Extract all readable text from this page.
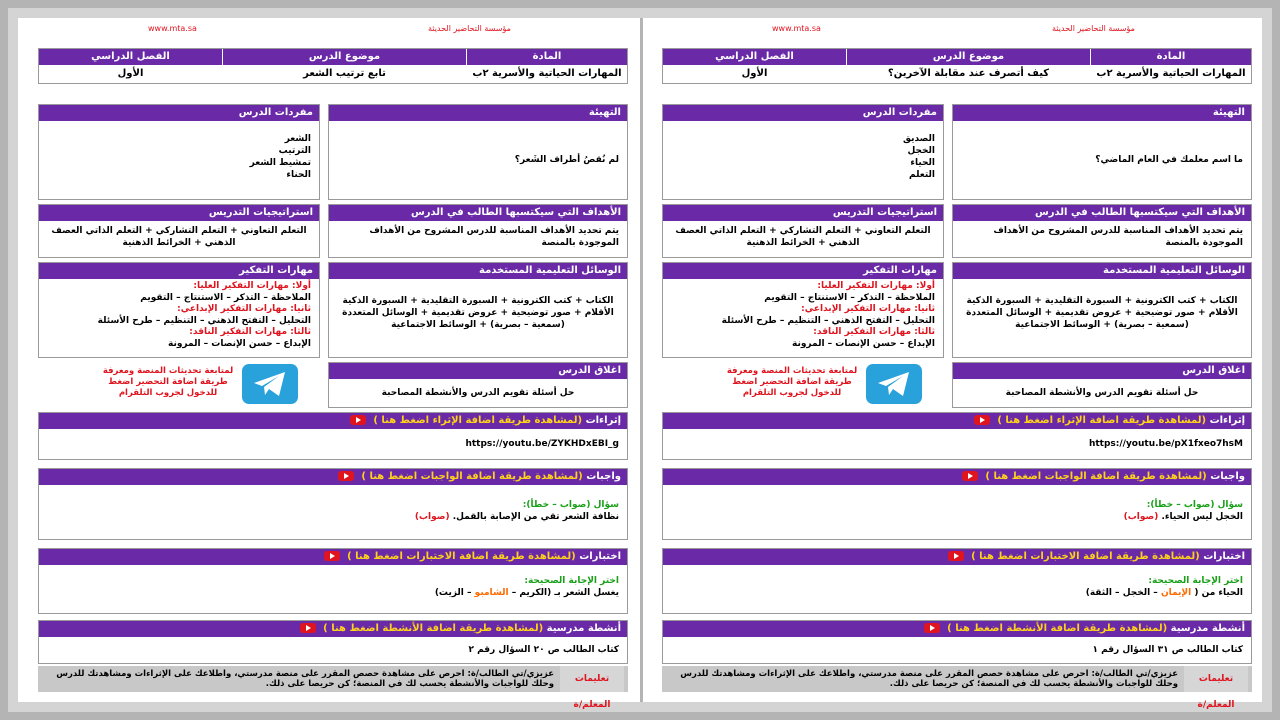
www.mta.sa	مؤسسة التحاضير الحديثة
المادة
موضوع الدرس
الفصل الدراسي
المهارات الحياتية والأسرية ٢ب
تابع ترتيب الشعر
الأول
التهيئة
لم نُقصُ أطراف الشَعر؟
مفردات الدرس
الشعر
الترتيب
تمشيط الشعر
الحناء
الأهداف التي سيكتسبها الطالب في الدرس
يتم تحديد الأهداف المناسبة للدرس المشروح من الأهداف الموجودة بالمنصة
استراتيجيات التدريس
التعلم التعاوني + التعلم التشاركي + التعلم الذاتي العصف الذهني + الخرائط الذهنية
الوسائل التعليمية المستخدمة
الكتاب + كتب الكترونية + السبورة التقليدية + السبورة الذكية الأقلام + صور توضيحية + عروض تقديمية + الوسائل المتعددة (سمعية – بصرية) + الوسائط الاجتماعية
مهارات التفكير
أولا: مهارات التفكير العليا:
الملاحظة – التذكر – الاستنتاج – التقويم
ثانيا: مهارات التفكير الإبداعي:
التحليل – التفتح الذهني – التنظيم – طرح الأسئلة
ثالثا: مهارات التفكير الناقد:
الإبداع – حسن الإنصات – المرونة
اغلاق الدرس
حل أسئلة تقويم الدرس والأنشطة المصاحبة
لمتابعة تحديثات المنصة ومعرفة طريقة اضافة التحضير اضغط للدخول لجروب التلقرام
إثراءات (لمشاهدة طريقة اضافة الإثراء اضغط هنا )
https://youtu.be/ZYKHDxEBI_g
واجبات (لمشاهدة طريقة اضافة الواجبات اضغط هنا )
سؤال (صواب – خطأ):
نظافة الشعر تقي من الإصابة بالقمل. (صواب)
اختبارات (لمشاهدة طريقة اضافة الاختبارات اضغط هنا )
اختر الإجابة الصحيحة:
يغسل الشعر بـ (الكريم – الشامبو – الزيت)
أنشطة مدرسية (لمشاهدة طريقة اضافة الأنشطة اضغط هنا )
كتاب الطالب ص ٢٠ السؤال رقم ٢
تعليمات المعلم/ة
عزيزي/تي الطالب/ة: احرص على مشاهدة حصص المقرر على منصة مدرستي، واطلاعك على الإثراءات ومشاهدتك للدرس وحلك للواجبات والأنشطة يحسب لك في المنصة؛ كن حريصا على ذلك.
www.mta.sa	مؤسسة التحاضير الحديثة
المادة
موضوع الدرس
الفصل الدراسي
المهارات الحياتية والأسرية ٢ب
كيف أتصرف عند مقابلة الآخرين؟
الأول
التهيئة
ما اسم معلمك في العام الماضي؟
مفردات الدرس
الصديق
الخجل
الحياء
التعلم
الأهداف التي سيكتسبها الطالب في الدرس
يتم تحديد الأهداف المناسبة للدرس المشروح من الأهداف الموجودة بالمنصة
استراتيجيات التدريس
التعلم التعاوني + التعلم التشاركي + التعلم الذاتي العصف الذهني + الخرائط الذهنية
الوسائل التعليمية المستخدمة
الكتاب + كتب الكترونية + السبورة التقليدية + السبورة الذكية الأقلام + صور توضيحية + عروض تقديمية + الوسائل المتعددة (سمعية – بصرية) + الوسائط الاجتماعية
مهارات التفكير
أولا: مهارات التفكير العليا:
الملاحظة – التذكر – الاستنتاج – التقويم
ثانيا: مهارات التفكير الإبداعي:
التحليل – التفتح الذهني – التنظيم – طرح الأسئلة
ثالثا: مهارات التفكير الناقد:
الإبداع – حسن الإنصات – المرونة
اغلاق الدرس
حل أسئلة تقويم الدرس والأنشطة المصاحبة
لمتابعة تحديثات المنصة ومعرفة طريقة اضافة التحضير اضغط للدخول لجروب التلقرام
إثراءات (لمشاهدة طريقة اضافة الإثراء اضغط هنا )
https://youtu.be/pX1fxeo7hsM
واجبات (لمشاهدة طريقة اضافة الواجبات اضغط هنا )
سؤال (صواب – خطأ):
الخجل ليس الحياء. (صواب)
اختبارات (لمشاهدة طريقة اضافة الاختبارات اضغط هنا )
اختر الإجابة الصحيحة:
الحياء من ( الإيمان – الخجل – الثقة)
أنشطة مدرسية (لمشاهدة طريقة اضافة الأنشطة اضغط هنا )
كتاب الطالب ص ٣١ السؤال رقم ١
تعليمات المعلم/ة
عزيزي/تي الطالب/ة: احرص على مشاهدة حصص المقرر على منصة مدرستي، واطلاعك على الإثراءات ومشاهدتك للدرس وحلك للواجبات والأنشطة يحسب لك في المنصة؛ كن حريصا على ذلك.
